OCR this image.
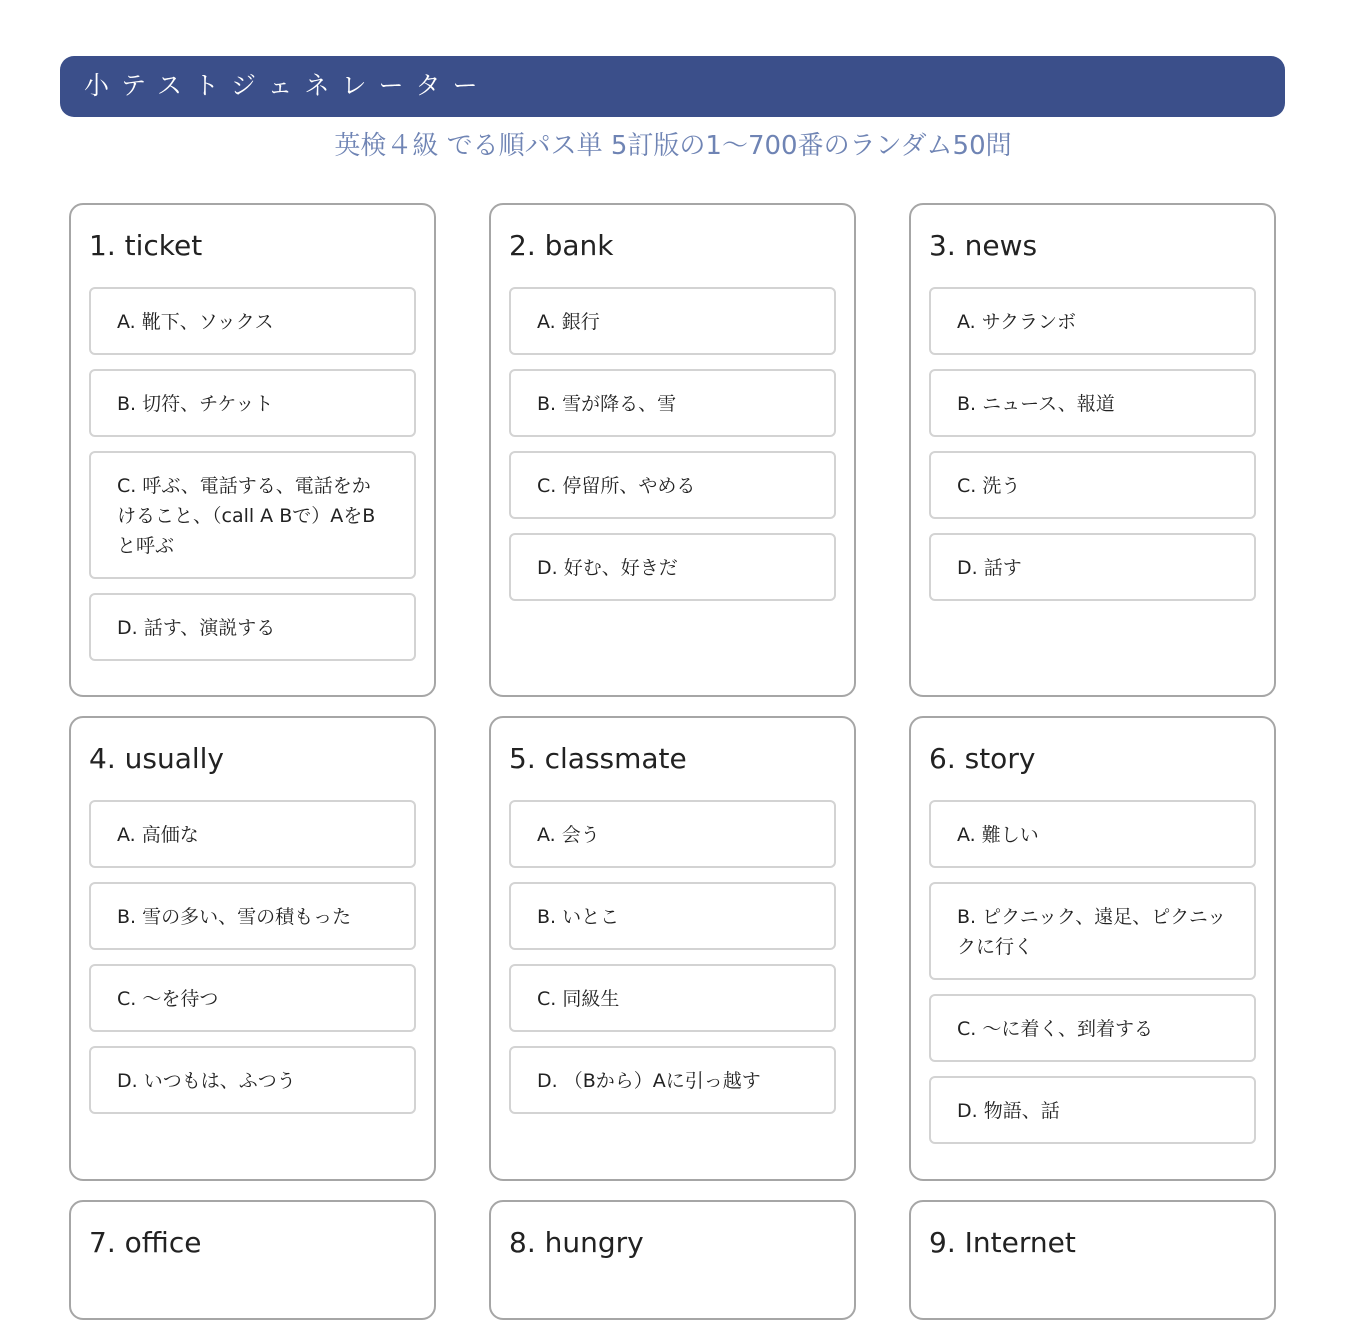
小テストジェネレーター
英検４級 でる順パス単 5訂版の1〜700番のランダム50問
1. ticket
A. 靴下、ソックス
B. 切符、チケット
C. 呼ぶ、電話する、電話をかけること、（call A Bで）AをBと呼ぶ
D. 話す、演説する
2. bank
A. 銀行
B. 雪が降る、雪
C. 停留所、やめる
D. 好む、好きだ
3. news
A. サクランボ
B. ニュース、報道
C. 洗う
D. 話す
4. usually
A. 高価な
B. 雪の多い、雪の積もった
C. 〜を待つ
D. いつもは、ふつう
5. classmate
A. 会う
B. いとこ
C. 同級生
D. （Bから）Aに引っ越す
6. story
A. 難しい
B. ピクニック、遠足、ピクニックに行く
C. 〜に着く、到着する
D. 物語、話
7. office	8. hungry	9. Internet
